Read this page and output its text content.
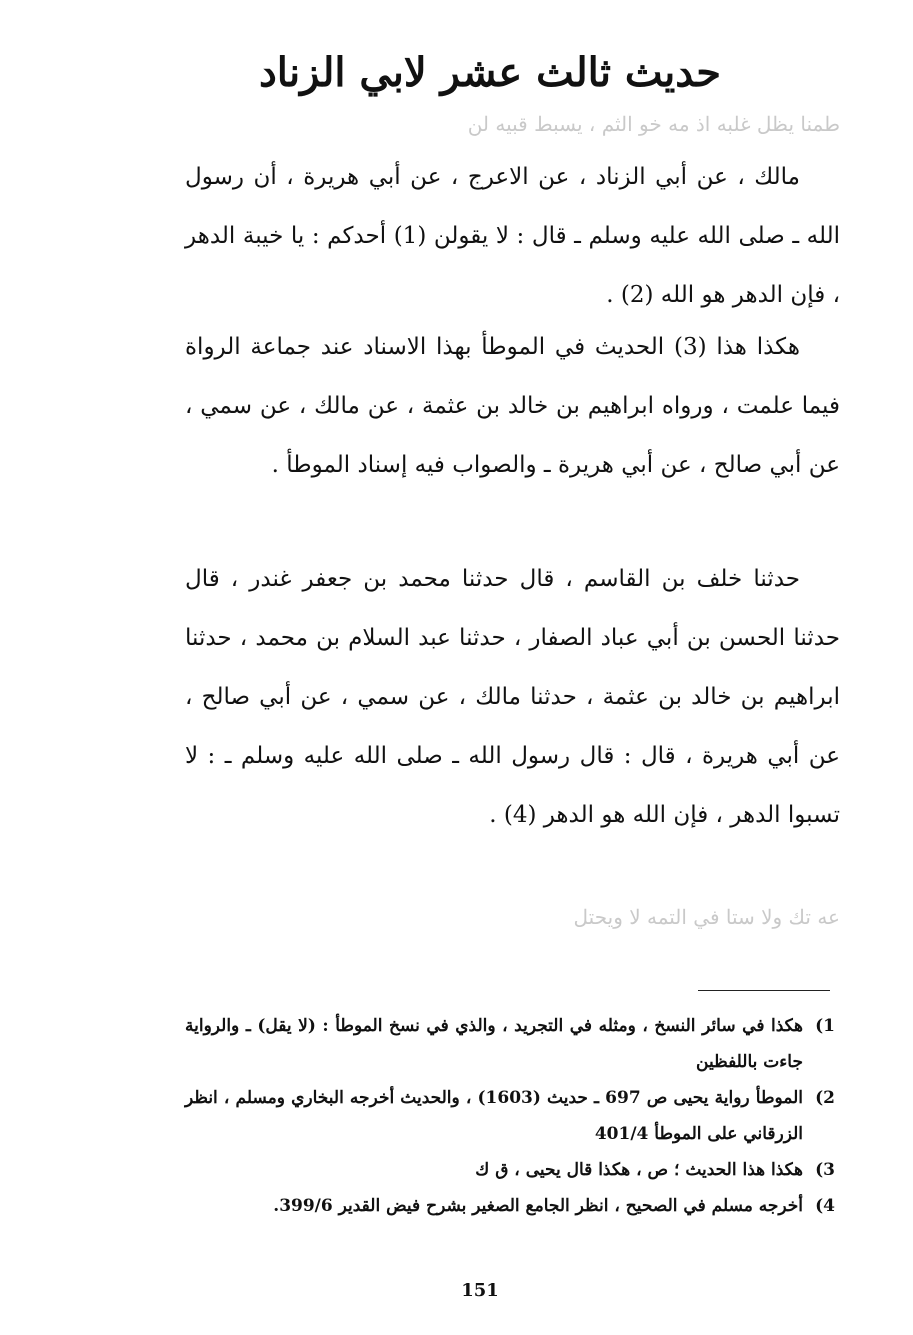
حديث ثالث عشر لابي الزناد
طمنا يظل غلبه اذ مه خو الثم ، يسبط قبيه لن
مالك ، عن أبي الزناد ، عن الاعرج ، عن أبي هريرة ، أن رسول الله ـ صلى الله عليه وسلم ـ قال : لا يقولن (1) أحدكم : يا خيبة الدهر ، فإن الدهر هو الله (2) .
هكذا هذا (3) الحديث في الموطأ بهذا الاسناد عند جماعة الرواة فيما علمت ، ورواه ابراهيم بن خالد بن عثمة ، عن مالك ، عن سمي ، عن أبي صالح ، عن أبي هريرة ـ والصواب فيه إسناد الموطأ .
حدثنا خلف بن القاسم ، قال حدثنا محمد بن جعفر غندر ، قال حدثنا الحسن بن أبي عباد الصفار ، حدثنا عبد السلام بن محمد ، حدثنا ابراهيم بن خالد بن عثمة ، حدثنا مالك ، عن سمي ، عن أبي صالح ، عن أبي هريرة ، قال : قال رسول الله ـ صلى الله عليه وسلم ـ : لا تسبوا الدهر ، فإن الله هو الدهر (4) .
عه تك ولا ستا في التمه لا ويحتل
1)
هكذا في سائر النسخ ، ومثله في التجريد ، والذي في نسخ الموطأ : (لا يقل) ـ والرواية جاءت باللفظين
2)
الموطأ رواية يحيى ص 697 ـ حديث (1603) ، والحديث أخرجه البخاري ومسلم ، انظر الزرقاني على الموطأ 401/4
3)
هكذا هذا الحديث ؛ ص ، هكذا قال يحيى ، ق ك
4)
أخرجه مسلم في الصحيح ، انظر الجامع الصغير بشرح فيض القدير 399/6.
151
